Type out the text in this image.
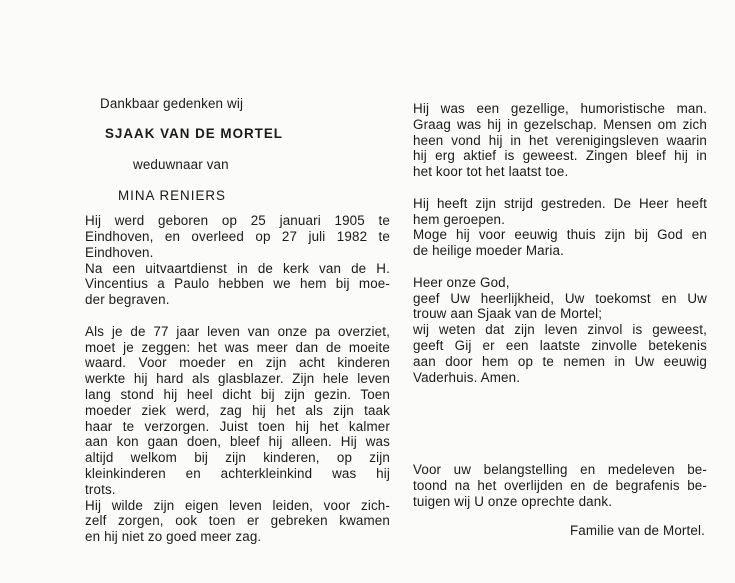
Dankbaar gedenken wij
SJAAK VAN DE MORTEL
weduwnaar van
MINA RENIERS
Hij werd geboren op 25 januari 1905 te
Eindhoven, en overleed op 27 juli 1982 te
Eindhoven.
Na een uitvaartdienst in de kerk van de H.
Vincentius a Paulo hebben we hem bij moe-
der begraven.
Als je de 77 jaar leven van onze pa overziet,
moet je zeggen: het was meer dan de moeite
waard. Voor moeder en zijn acht kinderen
werkte hij hard als glasblazer. Zijn hele leven
lang stond hij heel dicht bij zijn gezin. Toen
moeder ziek werd, zag hij het als zijn taak
haar te verzorgen. Juist toen hij het kalmer
aan kon gaan doen, bleef hij alleen. Hij was
altijd welkom bij zijn kinderen, op zijn
kleinkinderen en achterkleinkind was hij
trots.
Hij wilde zijn eigen leven leiden, voor zich-
zelf zorgen, ook toen er gebreken kwamen
en hij niet zo goed meer zag.
Hij was een gezellige, humoristische man.
Graag was hij in gezelschap. Mensen om zich
heen vond hij in het verenigingsleven waarin
hij erg aktief is geweest. Zingen bleef hij in
het koor tot het laatst toe.
Hij heeft zijn strijd gestreden. De Heer heeft
hem geroepen.
Moge hij voor eeuwig thuis zijn bij God en
de heilige moeder Maria.
Heer onze God,
geef Uw heerlijkheid, Uw toekomst en Uw
trouw aan Sjaak van de Mortel;
wij weten dat zijn leven zinvol is geweest,
geeft Gij er een laatste zinvolle betekenis
aan door hem op te nemen in Uw eeuwig
Vaderhuis. Amen.
Voor uw belangstelling en medeleven be-
toond na het overlijden en de begrafenis be-
tuigen wij U onze oprechte dank.
Familie van de Mortel.
